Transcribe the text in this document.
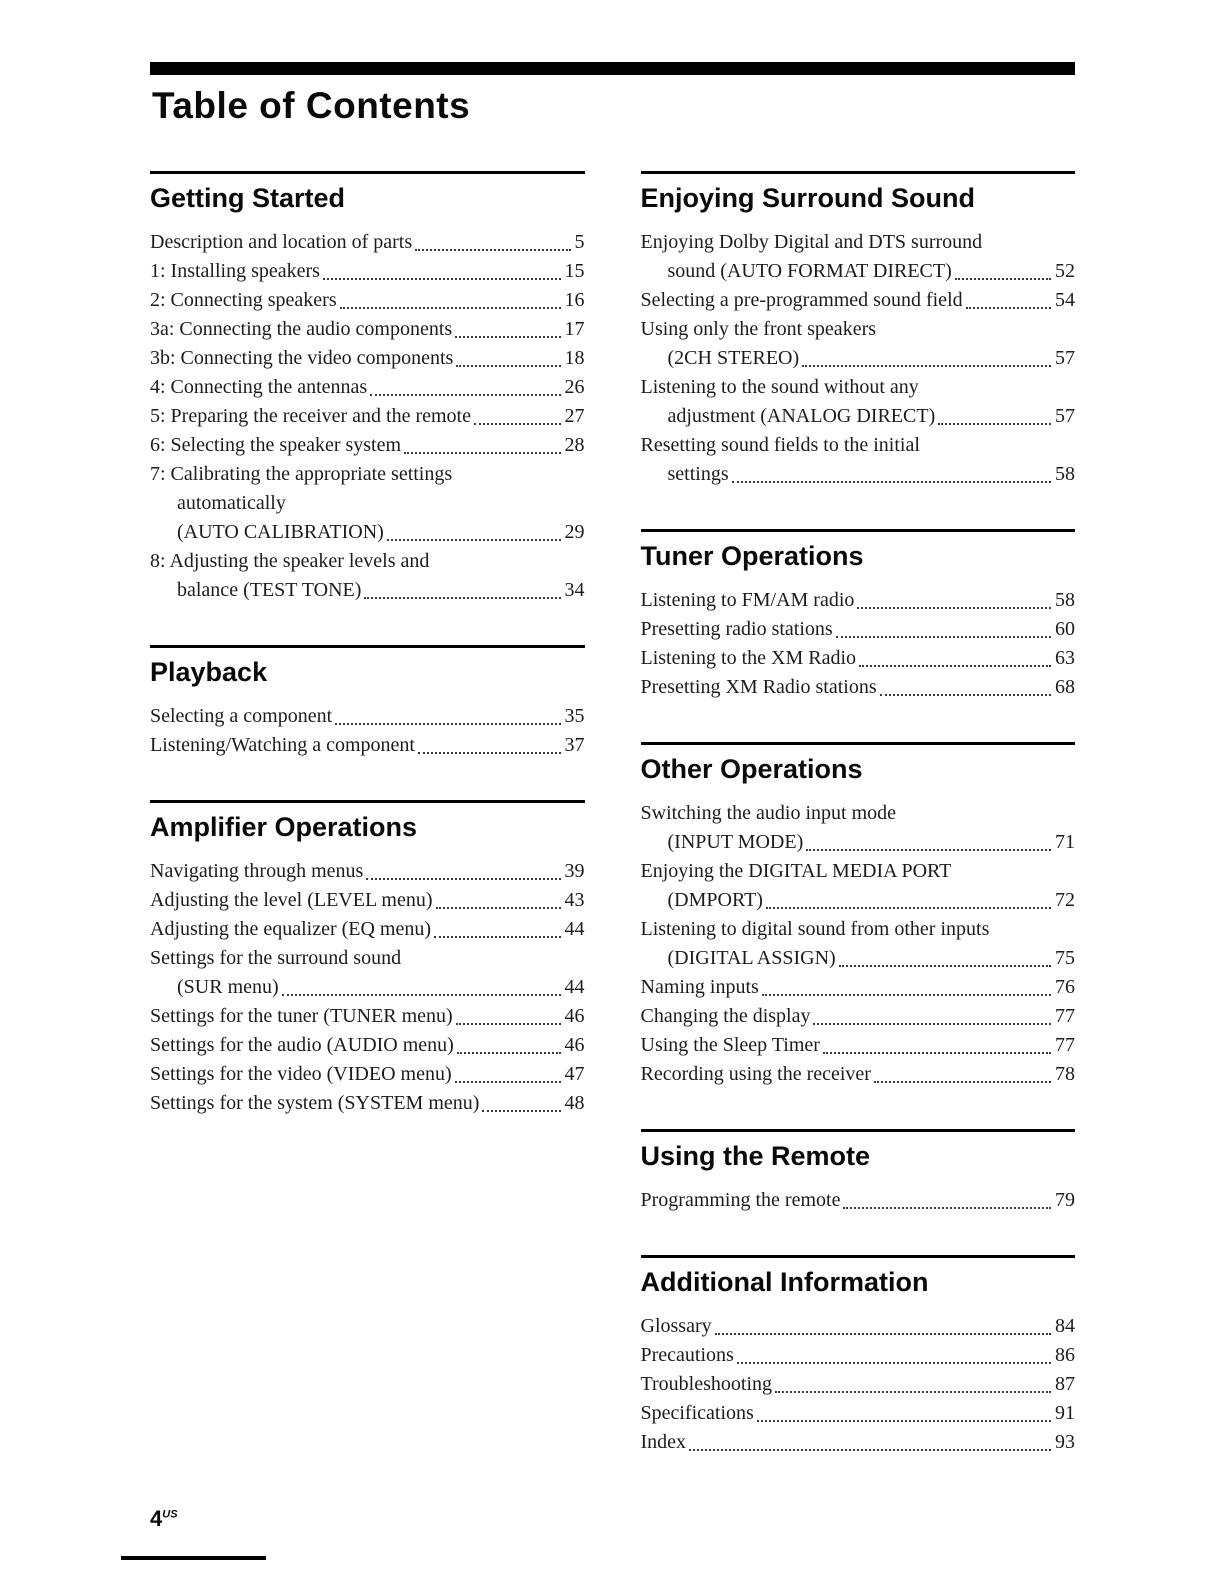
Table of Contents
Getting Started
Description and location of parts	5
1: Installing speakers	15
2: Connecting speakers	16
3a: Connecting the audio components	17
3b: Connecting the video components	18
4: Connecting the antennas	26
5: Preparing the receiver and the remote	27
6: Selecting the speaker system	28
7: Calibrating the appropriate settings
automatically
(AUTO CALIBRATION)	29
8: Adjusting the speaker levels and
balance (TEST TONE)	34
Playback
Selecting a component	35
Listening/Watching a component	37
Amplifier Operations
Navigating through menus	39
Adjusting the level (LEVEL menu)	43
Adjusting the equalizer (EQ menu)	44
Settings for the surround sound
(SUR menu)	44
Settings for the tuner (TUNER menu)	46
Settings for the audio (AUDIO menu)	46
Settings for the video (VIDEO menu)	47
Settings for the system (SYSTEM menu)	48
Enjoying Surround Sound
Enjoying Dolby Digital and DTS surround
sound (AUTO FORMAT DIRECT)	52
Selecting a pre-programmed sound field	54
Using only the front speakers
(2CH STEREO)	57
Listening to the sound without any
adjustment (ANALOG DIRECT)	57
Resetting sound fields to the initial
settings	58
Tuner Operations
Listening to FM/AM radio	58
Presetting radio stations	60
Listening to the XM Radio	63
Presetting XM Radio stations	68
Other Operations
Switching the audio input mode
(INPUT MODE)	71
Enjoying the DIGITAL MEDIA PORT
(DMPORT)	72
Listening to digital sound from other inputs
(DIGITAL ASSIGN)	75
Naming inputs	76
Changing the display	77
Using the Sleep Timer	77
Recording using the receiver	78
Using the Remote
Programming the remote	79
Additional Information
Glossary	84
Precautions	86
Troubleshooting	87
Specifications	91
Index	93
$4^{US}$
